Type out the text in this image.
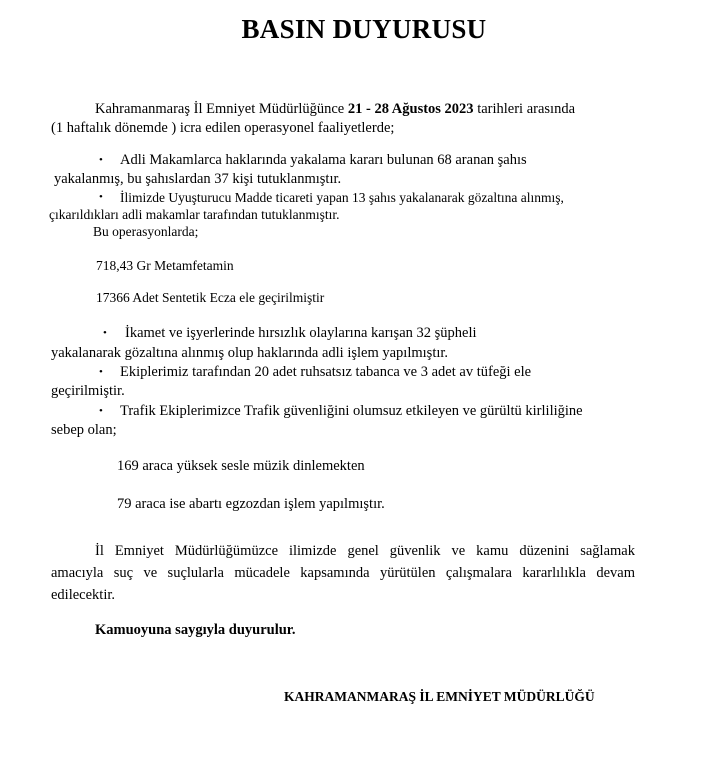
BASIN DUYURUSU
Kahramanmaraş İl Emniyet Müdürlüğünce 21 - 28 Ağustos 2023 tarihleri arasında
(1 haftalık dönemde ) icra edilen operasyonel faaliyetlerde;
• Adli Makamlarca haklarında yakalama kararı bulunan 68 aranan şahıs
yakalanmış, bu şahıslardan 37 kişi tutuklanmıştır.
• İlimizde Uyuşturucu Madde ticareti yapan 13 şahıs yakalanarak gözaltına alınmış,
çıkarıldıkları adli makamlar tarafından tutuklanmıştır.
Bu operasyonlarda;
718,43 Gr Metamfetamin
17366 Adet Sentetik Ecza ele geçirilmiştir
• İkamet ve işyerlerinde hırsızlık olaylarına karışan 32 şüpheli
yakalanarak gözaltına alınmış olup haklarında adli işlem yapılmıştır.
• Ekiplerimiz tarafından 20 adet ruhsatsız tabanca ve 3 adet av tüfeği ele
geçirilmiştir.
• Trafik Ekiplerimizce Trafik güvenliğini olumsuz etkileyen ve gürültü kirliliğine
sebep olan;
169 araca yüksek sesle müzik dinlemekten
79 araca ise abartı egzozdan işlem yapılmıştır.
İl Emniyet Müdürlüğümüzce ilimizde genel güvenlik ve kamu düzenini sağlamak
amacıyla suç ve suçlularla mücadele kapsamında yürütülen çalışmalara kararlılıkla devam
edilecektir.
Kamuoyuna saygıyla duyurulur.
KAHRAMANMARAŞ İL EMNİYET MÜDÜRLÜĞÜ
